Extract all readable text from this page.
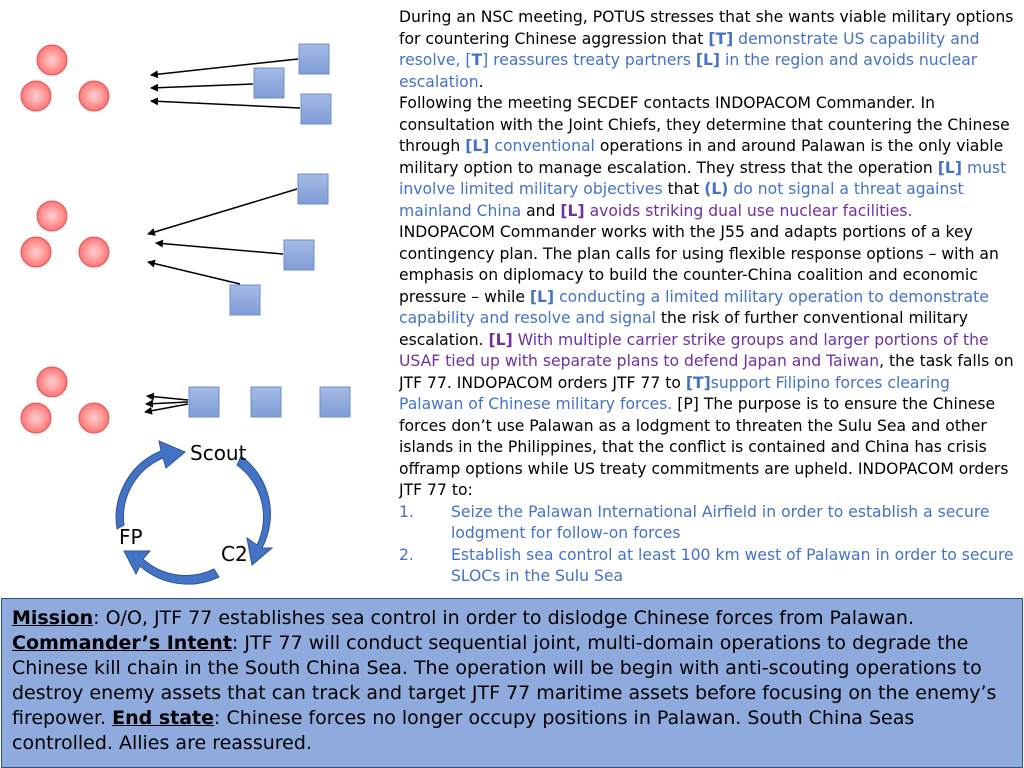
Scout
FP
C2

During an NSC meeting, POTUS stresses that she wants viable military options for countering Chinese aggression that [T] demonstrate US capability and resolve, [T] reassures treaty partners [L] in the region and avoids nuclear escalation.

Following the meeting SECDEF contacts INDOPACOM Commander. In consultation with the Joint Chiefs, they determine that countering the Chinese through [L] conventional operations in and around Palawan is the only viable military option to manage escalation. They stress that the operation [L] must involve limited military objectives that (L) do not signal a threat against mainland China and [L] avoids striking dual use nuclear facilities.

INDOPACOM Commander works with the J55 and adapts portions of a key contingency plan. The plan calls for using flexible response options – with an emphasis on diplomacy to build the counter-China coalition and economic pressure – while [L] conducting a limited military operation to demonstrate capability and resolve and signal the risk of further conventional military escalation. [L] With multiple carrier strike groups and larger portions of the USAF tied up with separate plans to defend Japan and Taiwan, the task falls on JTF 77. INDOPACOM orders JTF 77 to [T]support Filipino forces clearing Palawan of Chinese military forces. [P] The purpose is to ensure the Chinese forces don’t use Palawan as a lodgment to threaten the Sulu Sea and other islands in the Philippines, that the conflict is contained and China has crisis offramp options while US treaty commitments are upheld. INDOPACOM orders JTF 77 to:

1. Seize the Palawan International Airfield in order to establish a secure lodgment for follow-on forces
2. Establish sea control at least 100 km west of Palawan in order to secure SLOCs in the Sulu Sea

Mission: O/O, JTF 77 establishes sea control in order to dislodge Chinese forces from Palawan.
Commander’s Intent: JTF 77 will conduct sequential joint, multi-domain operations to degrade the Chinese kill chain in the South China Sea. The operation will be begin with anti-scouting operations to destroy enemy assets that can track and target JTF 77 maritime assets before focusing on the enemy’s firepower. End state: Chinese forces no longer occupy positions in Palawan. South China Seas controlled. Allies are reassured.
